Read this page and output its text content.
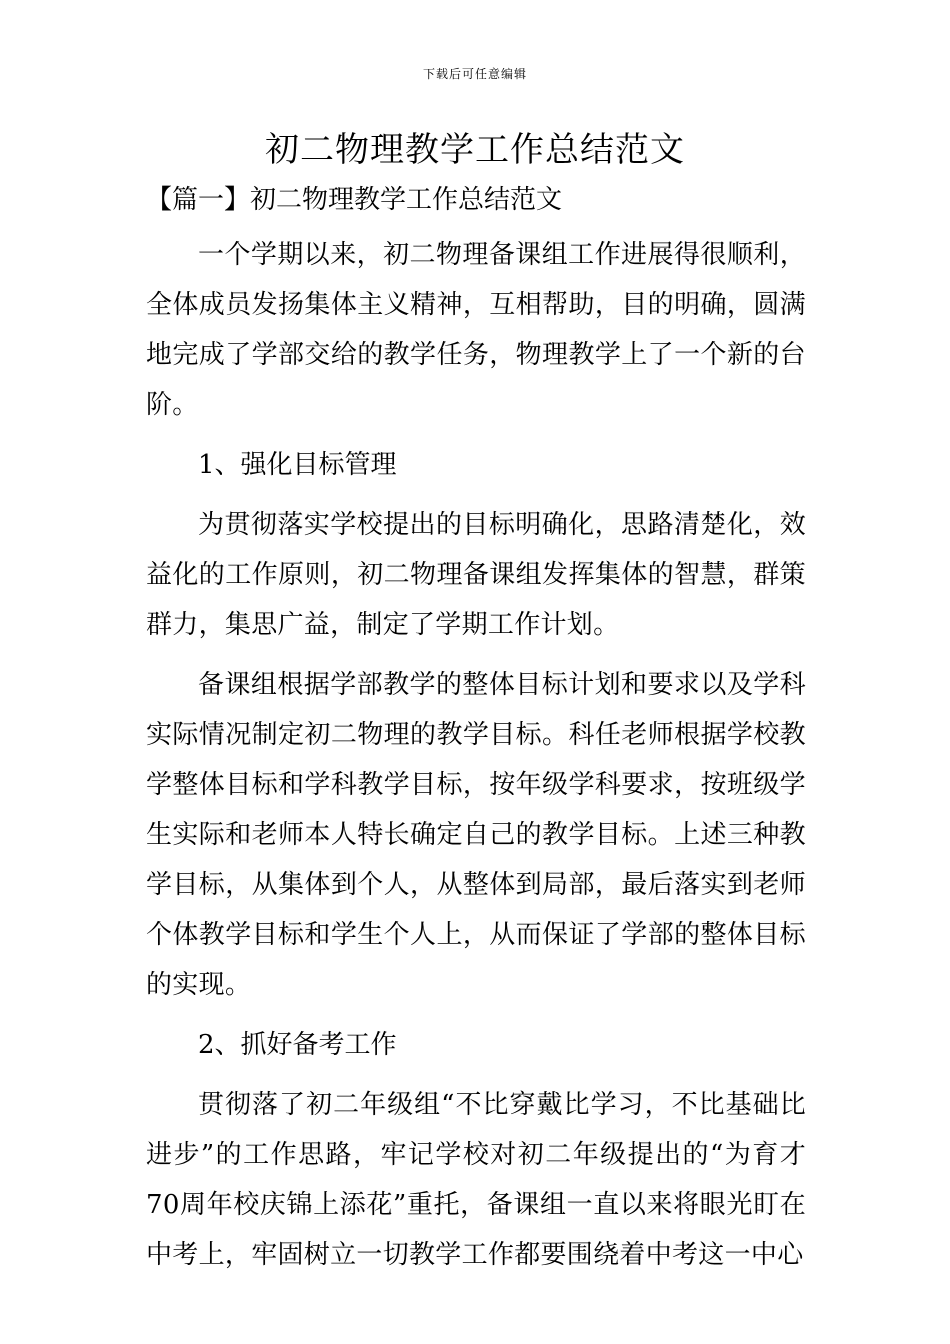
下载后可任意编辑
初二物理教学工作总结范文
【篇一】初二物理教学工作总结范文

一个学期以来，初二物理备课组工作进展得很顺利，全体成员发扬集体主义精神，互相帮助，目的明确，圆满地完成了学部交给的教学任务，物理教学上了一个新的台阶。

1、强化目标管理

为贯彻落实学校提出的目标明确化，思路清楚化，效益化的工作原则，初二物理备课组发挥集体的智慧，群策群力，集思广益，制定了学期工作计划。

备课组根据学部教学的整体目标计划和要求以及学科实际情况制定初二物理的教学目标。科任老师根据学校教学整体目标和学科教学目标，按年级学科要求，按班级学生实际和老师本人特长确定自己的教学目标。上述三种教学目标，从集体到个人，从整体到局部，最后落实到老师个体教学目标和学生个人上，从而保证了学部的整体目标的实现。

2、抓好备考工作

贯彻落了初二年级组“不比穿戴比学习，不比基础比进步”的工作思路，牢记学校对初二年级提出的“为育才70周年校庆锦上添花”重托，备课组一直以来将眼光盯在中考上，牢固树立一切教学工作都要围绕着中考这一中心
